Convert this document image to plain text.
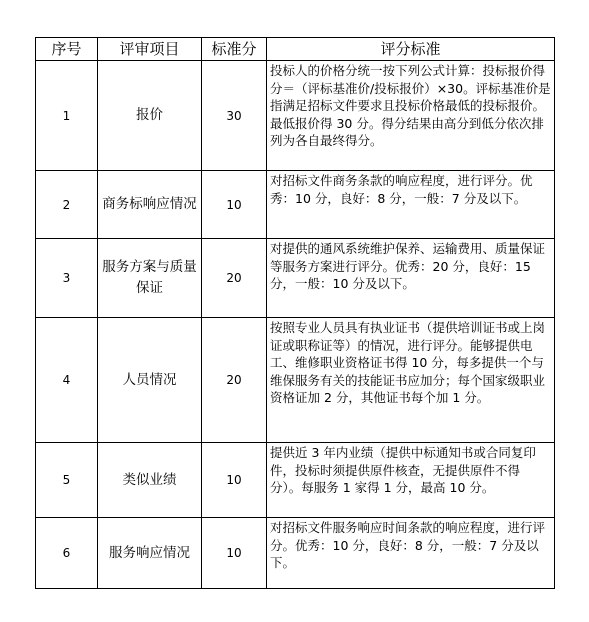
序号	评审项目	标准分	评分标准
1	报价	30	投标人的价格分统一按下列公式计算：投标报价得分＝（评标基准价/投标报价）×30。评标基准价是指满足招标文件要求且投标价格最低的投标报价。最低报价得 30 分。得分结果由高分到低分依次排列为各自最终得分。
2	商务标响应情况	10	对招标文件商务条款的响应程度，进行评分。优秀：10 分，良好：8 分，一般：7 分及以下。
3	服务方案与质量保证	20	对提供的通风系统维护保养、运输费用、质量保证等服务方案进行评分。优秀：20 分，良好：15 分，一般：10 分及以下。
4	人员情况	20	按照专业人员具有执业证书（提供培训证书或上岗证或职称证等）的情况，进行评分。能够提供电工、维修职业资格证书得 10 分，每多提供一个与维保服务有关的技能证书应加分；每个国家级职业资格证加 2 分，其他证书每个加 1 分。
5	类似业绩	10	提供近 3 年内业绩（提供中标通知书或合同复印件，投标时须提供原件核查，无提供原件不得分）。每服务 1 家得 1 分，最高 10 分。
6	服务响应情况	10	对招标文件服务响应时间条款的响应程度，进行评分。优秀：10 分，良好：8 分，一般：7 分及以下。
